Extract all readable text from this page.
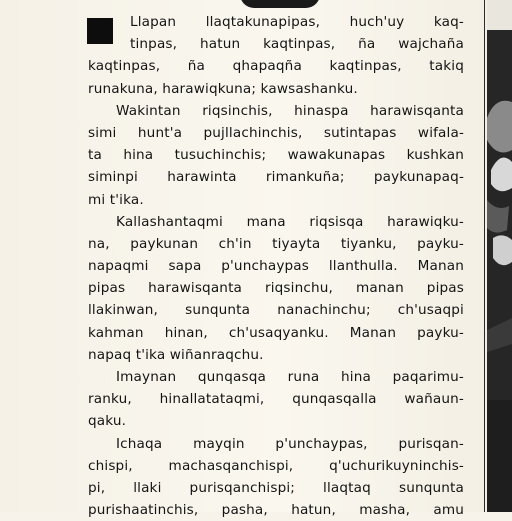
Llapan llaqtakunapipas, huch'uy kaq-
tinpas, hatun kaqtinpas, ña wajchaña
kaqtinpas, ña qhapaqña kaqtinpas, takiq
runakuna, harawiqkuna; kawsashanku.
Wakintan riqsinchis, hinaspa harawisqanta
simi hunt'a pujllachinchis, sutintapas wifala-
ta hina tusuchinchis; wawakunapas kushkan
siminpi harawinta rimankuña; paykunapaq-
mi t'ika.
Kallashantaqmi mana riqsisqa harawiqku-
na, paykunan ch'in tiyayta tiyanku, payku-
napaqmi sapa p'unchaypas llanthulla. Manan
pipas harawisqanta riqsinchu, manan pipas
llakinwan, sunqunta nanachinchu; ch'usaqpi
kahman hinan, ch'usaqyanku. Manan payku-
napaq t'ika wiñanraqchu.
Imaynan qunqasqa runa hina paqarimu-
ranku, hinallatataqmi, qunqasqalla wañaun-
qaku.
Ichaqa mayqin p'unchaypas, purisqan-
chispi, machasqanchispi, q'uchurikuyninchis-
pi, llaki purisqanchispi; llaqtaq sunqunta
purishaatinchis, pasha, hatun, masha, amu
